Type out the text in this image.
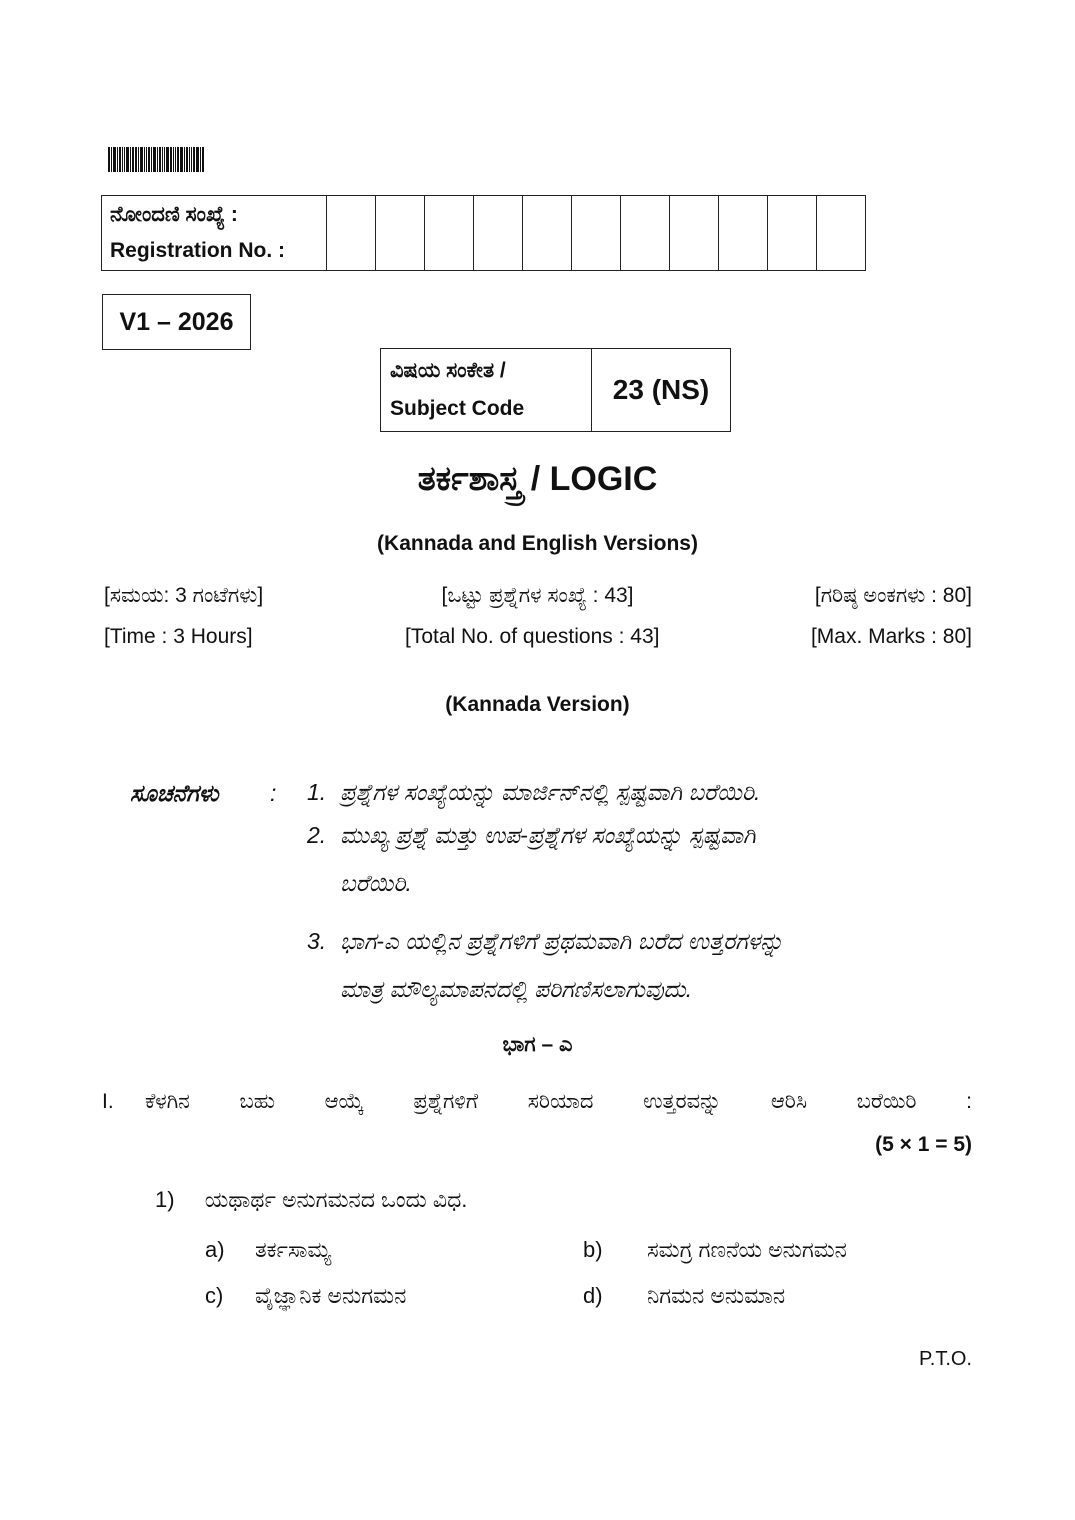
ನೋಂದಣಿ ಸಂಖ್ಯೆ :
Registration No. :

V1 – 2026
ವಿಷಯ ಸಂಕೇತ /
Subject Code
	23 (NS)
ತರ್ಕಶಾಸ್ತ್ರ / LOGIC
(Kannada and English Versions)
[ಸಮಯ: 3 ಗಂಟೆಗಳು]	[ಒಟ್ಟು ಪ್ರಶ್ನೆಗಳ ಸಂಖ್ಯೆ : 43]	[ಗರಿಷ್ಠ ಅಂಕಗಳು : 80]
[Time : 3 Hours]	[Total No. of questions : 43]	[Max. Marks : 80]
(Kannada Version)
ಸೂಚನೆಗಳು : 1. ಪ್ರಶ್ನೆಗಳ ಸಂಖ್ಯೆಯನ್ನು ಮಾರ್ಜಿನ್‌ನಲ್ಲಿ ಸ್ಪಷ್ಟವಾಗಿ ಬರೆಯಿರಿ.
2. ಮುಖ್ಯ ಪ್ರಶ್ನೆ ಮತ್ತು ಉಪ-ಪ್ರಶ್ನೆಗಳ ಸಂಖ್ಯೆಯನ್ನು ಸ್ಪಷ್ಟವಾಗಿ
ಬರೆಯಿರಿ.
3. ಭಾಗ-ಎ ಯಲ್ಲಿನ ಪ್ರಶ್ನೆಗಳಿಗೆ ಪ್ರಥಮವಾಗಿ ಬರೆದ ಉತ್ತರಗಳನ್ನು
ಮಾತ್ರ ಮೌಲ್ಯಮಾಪನದಲ್ಲಿ ಪರಿಗಣಿಸಲಾಗುವುದು.
ಭಾಗ – ಎ
I. ಕೆಳಗಿನ ಬಹು ಆಯ್ಕೆ ಪ್ರಶ್ನೆಗಳಿಗೆ ಸರಿಯಾದ ಉತ್ತರವನ್ನು ಆರಿಸಿ ಬರೆಯಿರಿ :
(5 × 1 = 5)
1) ಯಥಾರ್ಥ ಅನುಗಮನದ ಒಂದು ವಿಧ.
a) ತರ್ಕಸಾಮ್ಯ	b) ಸಮಗ್ರ ಗಣನೆಯ ಅನುಗಮನ
c) ವೈಜ್ಞಾನಿಕ ಅನುಗಮನ	d) ನಿಗಮನ ಅನುಮಾನ
P.T.O.
